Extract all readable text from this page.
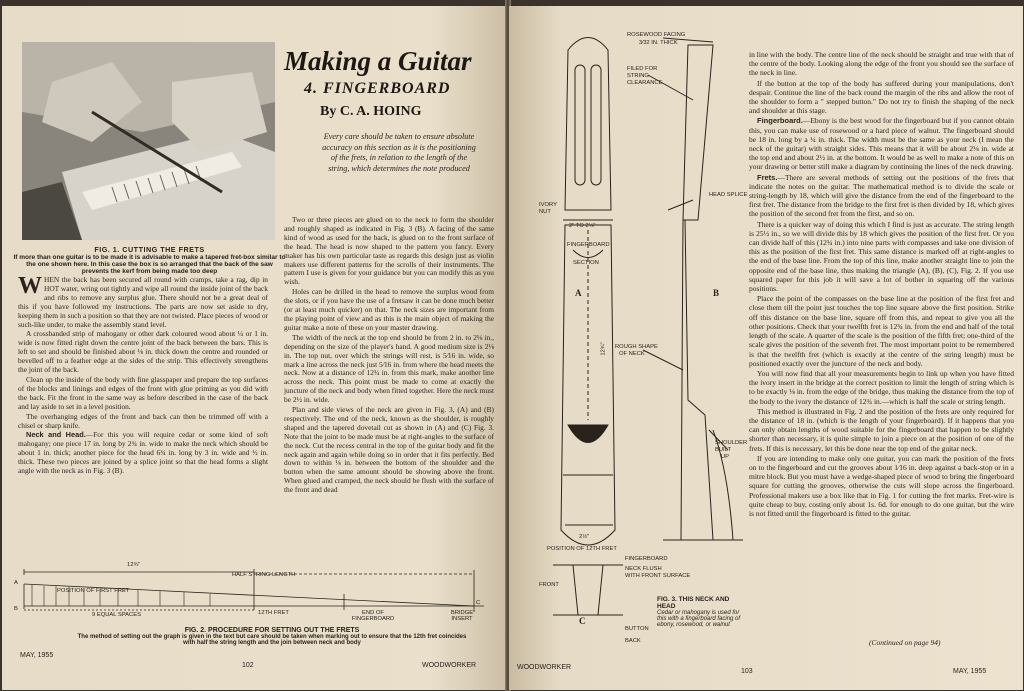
Making a Guitar
4. FINGERBOARD
By C. A. HOING
Every care should be taken to ensure absolute accuracy on this section as it is the positioning of the frets, in relation to the length of the string, which determines the note produced
FIG. 1. CUTTING THE FRETS
If more than one guitar is to be made it is advisable to make a tapered fret-box similar to the one shown here. In this case the box is so arranged that the back of the saw prevents the kerf from being made too deep

WHEN the back has been secured all round with cramps, take a rag, dip in HOT water, wring out tightly and wipe all round the inside joint of the back and ribs to remove any surplus glue. There should not be a great deal of this if you have followed my instructions. The parts are now set aside to dry, keeping them in such a position so that they are not twisted. Place pieces of wood or such-like under, to make the assembly stand level.

A crossbanded strip of mahogany or other dark coloured wood about ¼ or 1 in. wide is now fitted right down the centre joint of the back between the bars. This is left to set and should be finished about ⅛ in. thick down the centre and rounded or bevelled off to a feather edge at the sides of the strip. This effectively strengthens the joint of the back.

Clean up the inside of the body with fine glasspaper and prepare the top surfaces of the blocks and linings and edges of the front with glue priming as you did with the back. Fit the front in the same way as before described in the case of the back and lay aside to set in a level position.

The overhanging edges of the front and back can then be trimmed off with a chisel or sharp knife.

Neck and Head.—For this you will require cedar or some kind of soft mahogany; one piece 17 in. long by 2¾ in. wide to make the neck which should be about 1 in. thick; another piece for the head 6¾ in. long by 3 in. wide and ½ in. thick. These two pieces are joined by a splice joint so that the head forms a slight angle with the neck as in Fig. 3 (B).

Two or three pieces are glued on to the neck to form the shoulder and roughly shaped as indicated in Fig. 3 (B). A facing of the same kind of wood as used for the back, is glued on to the front surface of the head. The head is now shaped to the pattern you fancy. Every maker has his own particular taste as regards this design just as violin makers use different patterns for the scrolls of their instruments. The pattern I use is given for your guidance but you can modify this as you wish.

Holes can be drilled in the head to remove the surplus wood from the slots, or if you have the use of a fretsaw it can be done much better (or at least much quicker) on that. The neck sizes are important from the playing point of view and as this is the main object of making the guitar make a note of these on your master drawing.

The width of the neck at the top end should be from 2 in. to 2⅛ in., depending on the size of the player's hand. A good medium size is 2⅛ in. The top nut, over which the strings will rest, is 5⁄16 in. wide, so mark a line across the neck just 5⁄16 in. from where the head meets the neck. Now at a distance of 12¾ in. from this mark, make another line across the neck. This point must be made to come at exactly the juncture of the neck and body when fitted together. Here the neck must be 2½ in. wide.

Plan and side views of the neck are given in Fig. 3, (A) and (B) respectively. The end of the neck, known as the shoulder, is roughly shaped and the tapered dovetail cut as shown in (A) and (C) Fig. 3. Note that the joint to be made must be at right-angles to the surface of the neck. Cut the recess central in the top of the guitar body and fit the neck again and again while doing so in order that it fits perfectly. Bed down to within ⅛ in. between the bottom of the shoulder and the button when the same amount should be showing above the front. When glued and cramped, the neck should be flush with the surface of the front and dead

12¾"
HALF STRING LENGTH
POSITION OF FIRST FRET
9 EQUAL SPACES	12TH FRET	END OF FINGERBOARD
BRIDGE INSERT
A
B
C
FIG. 2. PROCEDURE FOR SETTING OUT THE FRETS
The method of setting out the graph is given in the text but care should be taken when marking out to ensure that the 12th fret coincides with half the string length and the join between neck and body
MAY, 1955
102	WOODWORKER
ROSEWOOD FACING
3⁄32 IN. THICK
FILED FOR
STRING
CLEARANCE
HEAD SPLICE
IVORY
NUT
2" TO 2⅛"
FINGERBOARD
SECTION
ROUGH SHAPE
OF NECK
SHOULDER
BUILT
UP
12¾"
2½"
POSITION OF 12TH FRET
FINGERBOARD
NECK FLUSH
WITH FRONT SURFACE
FRONT
BUTTON
BACK
A	B
C
FIG. 3. THIS NECK AND HEAD
Cedar or mahogany is used for this with a fingerboard facing of ebony, rosewood, or walnut

in line with the body. The centre line of the neck should be straight and true with that of the centre of the body. Looking along the edge of the front you should see the surface of the neck in line.

If the button at the top of the body has suffered during your manipulations, don't despair. Continue the line of the back round the margin of the ribs and allow the root of the shoulder to form a " stepped button." Do not try to finish the shaping of the neck and shoulder at this stage.

Fingerboard.—Ebony is the best wood for the fingerboard but if you cannot obtain this, you can make use of rosewood or a hard piece of walnut. The fingerboard should be 18 in. long by a ¼ in. thick. The width must be the same as your neck (I mean the neck of the guitar) with straight sides. This means that it will be about 2⅛ in. wide at the top end and about 2½ in. at the bottom. It would be as well to make a note of this on your drawing or better still make a diagram by continuing the lines of the neck drawing.

Frets.—There are several methods of setting out the positions of the frets that indicate the notes on the guitar. The mathematical method is to divide the scale or string-length by 18, which will give the distance from the end of the fingerboard to the first fret. The distance from the bridge to the first fret is then divided by 18, which gives the position of the second fret from the first, and so on.

There is a quicker way of doing this which I find is just as accurate. The string length is 25½ in., so we will divide this by 18 which gives the position of the first fret. Or you can divide half of this (12¾ in.) into nine parts with compasses and take one division of this as the position of the first fret. This same distance is marked off at right-angles to the end of the base line. From the top of this line, make another straight line to join the opposite end of the base line, thus making the triangle (A), (B), (C), Fig. 2. If you use squared paper for this job it will save a lot of bother in squaring off the various positions.

Place the point of the compasses on the base line at the position of the first fret and close them till the point just touches the top line square above the first position. Strike off this distance on the base line, square off from this, and repeat to give you all the other positions. Check that your twelfth fret is 12¾ in. from the end and half of the total length of the scale. A quarter of the scale is the position of the fifth fret; one-third of the scale gives the position of the seventh fret. The most important point to be remembered is that the twelfth fret (which is exactly at the centre of the string length) must be positioned exactly over the juncture of the neck and body.

You will now find that all your measurements begin to link up when you have fitted the ivory insert in the bridge at the correct position to limit the length of string which is to be exactly ⅛ in. from the edge of the bridge, thus making the distance from the top of the body to the ivory the distance of 12¾ in.—which is half the scale or string length.

This method is illustrated in Fig. 2 and the position of the frets are only required for the distance of 18 in. (which is the length of your fingerboard). If it happens that you can only obtain lengths of wood suitable for the fingerboard that happen to be slightly shorter than necessary, it is quite simple to join a piece on at the position of one of the frets. If this is necessary, let this be done near the top end of the guitar neck.

If you are intending to make only one guitar, you can mark the position of the frets on to the fingerboard and cut the grooves about 1⁄16 in. deep against a back-stop or in a mitre block. But you must have a wedge-shaped piece of wood to bring the fingerboard square for cutting the grooves, otherwise the cuts will slope across the fingerboard. Professional makers use a box like that in Fig. 1 for cutting the fret marks. Fret-wire is quite cheap to buy, costing only about 1s. 6d. for enough to do one guitar, but the wire is not fitted until the fingerboard is fitted to the guitar.

(Continued on page 94)
WOODWORKER
103	MAY, 1955
